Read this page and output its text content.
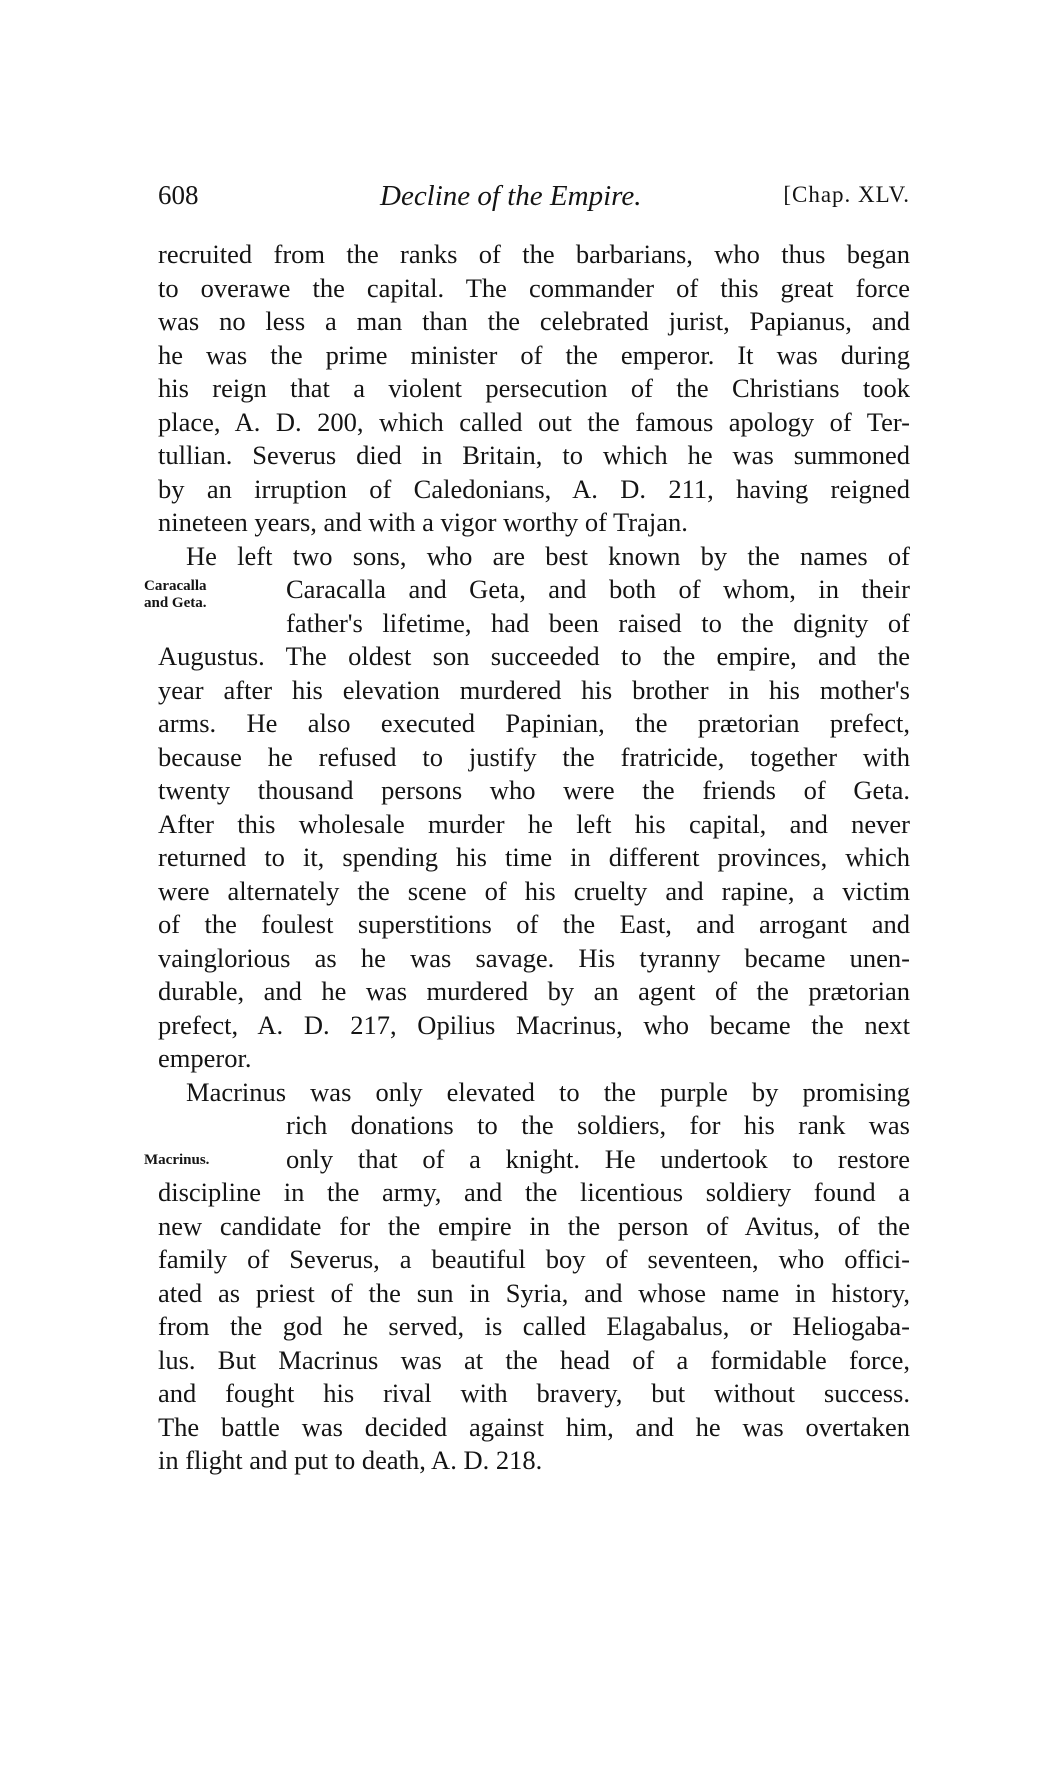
608	Decline of the Empire.	[Chap. XLV.
recruited from the ranks of the barbarians, who thus began
to overawe the capital. The commander of this great force
was no less a man than the celebrated jurist, Papianus, and
he was the prime minister of the emperor. It was during
his reign that a violent persecution of the Christians took
place, A. D. 200, which called out the famous apology of Ter-
tullian. Severus died in Britain, to which he was summoned
by an irruption of Caledonians, A. D. 211, having reigned
nineteen years, and with a vigor worthy of Trajan.
Caracalla
and Geta.
He left two sons, who are best known by the names of
Caracalla and Geta, and both of whom, in their
father's lifetime, had been raised to the dignity of
Augustus. The oldest son succeeded to the empire, and the
year after his elevation murdered his brother in his mother's
arms. He also executed Papinian, the prætorian prefect,
because he refused to justify the fratricide, together with
twenty thousand persons who were the friends of Geta.
After this wholesale murder he left his capital, and never
returned to it, spending his time in different provinces, which
were alternately the scene of his cruelty and rapine, a victim
of the foulest superstitions of the East, and arrogant and
vainglorious as he was savage. His tyranny became unen-
durable, and he was murdered by an agent of the prætorian
prefect, A. D. 217, Opilius Macrinus, who became the next
emperor.
Macrinus.
Macrinus was only elevated to the purple by promising
rich donations to the soldiers, for his rank was
only that of a knight. He undertook to restore
discipline in the army, and the licentious soldiery found a
new candidate for the empire in the person of Avitus, of the
family of Severus, a beautiful boy of seventeen, who offici-
ated as priest of the sun in Syria, and whose name in history,
from the god he served, is called Elagabalus, or Heliogaba-
lus. But Macrinus was at the head of a formidable force,
and fought his rival with bravery, but without success.
The battle was decided against him, and he was overtaken
in flight and put to death, A. D. 218.
